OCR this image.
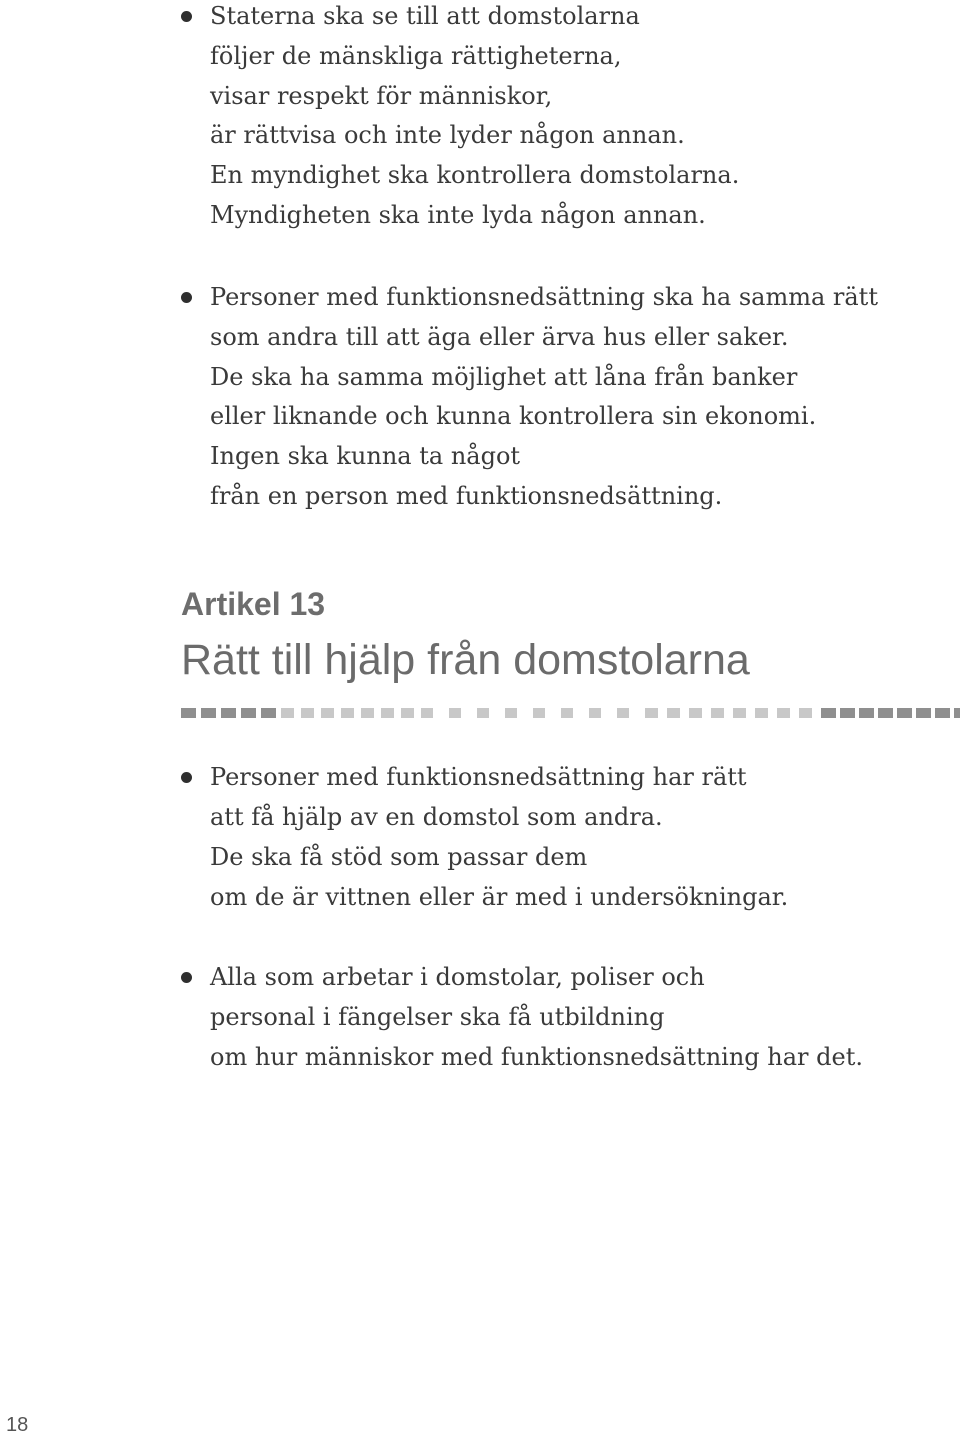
Staterna ska se till att domstolarna
följer de mänskliga rättigheterna,
visar respekt för människor,
är rättvisa och inte lyder någon annan.
En myndighet ska kontrollera domstolarna.
Myndigheten ska inte lyda någon annan.
Personer med funktionsnedsättning ska ha samma rätt
som andra till att äga eller ärva hus eller saker.
De ska ha samma möjlighet att låna från banker
eller liknande och kunna kontrollera sin ekonomi.
Ingen ska kunna ta något
från en person med funktionsnedsättning.
Artikel 13
Rätt till hjälp från domstolarna
Personer med funktionsnedsättning har rätt
att få hjälp av en domstol som andra.
De ska få stöd som passar dem
om de är vittnen eller är med i undersökningar.
Alla som arbetar i domstolar, poliser och
personal i fängelser ska få utbildning
om hur människor med funktionsnedsättning har det.
18
